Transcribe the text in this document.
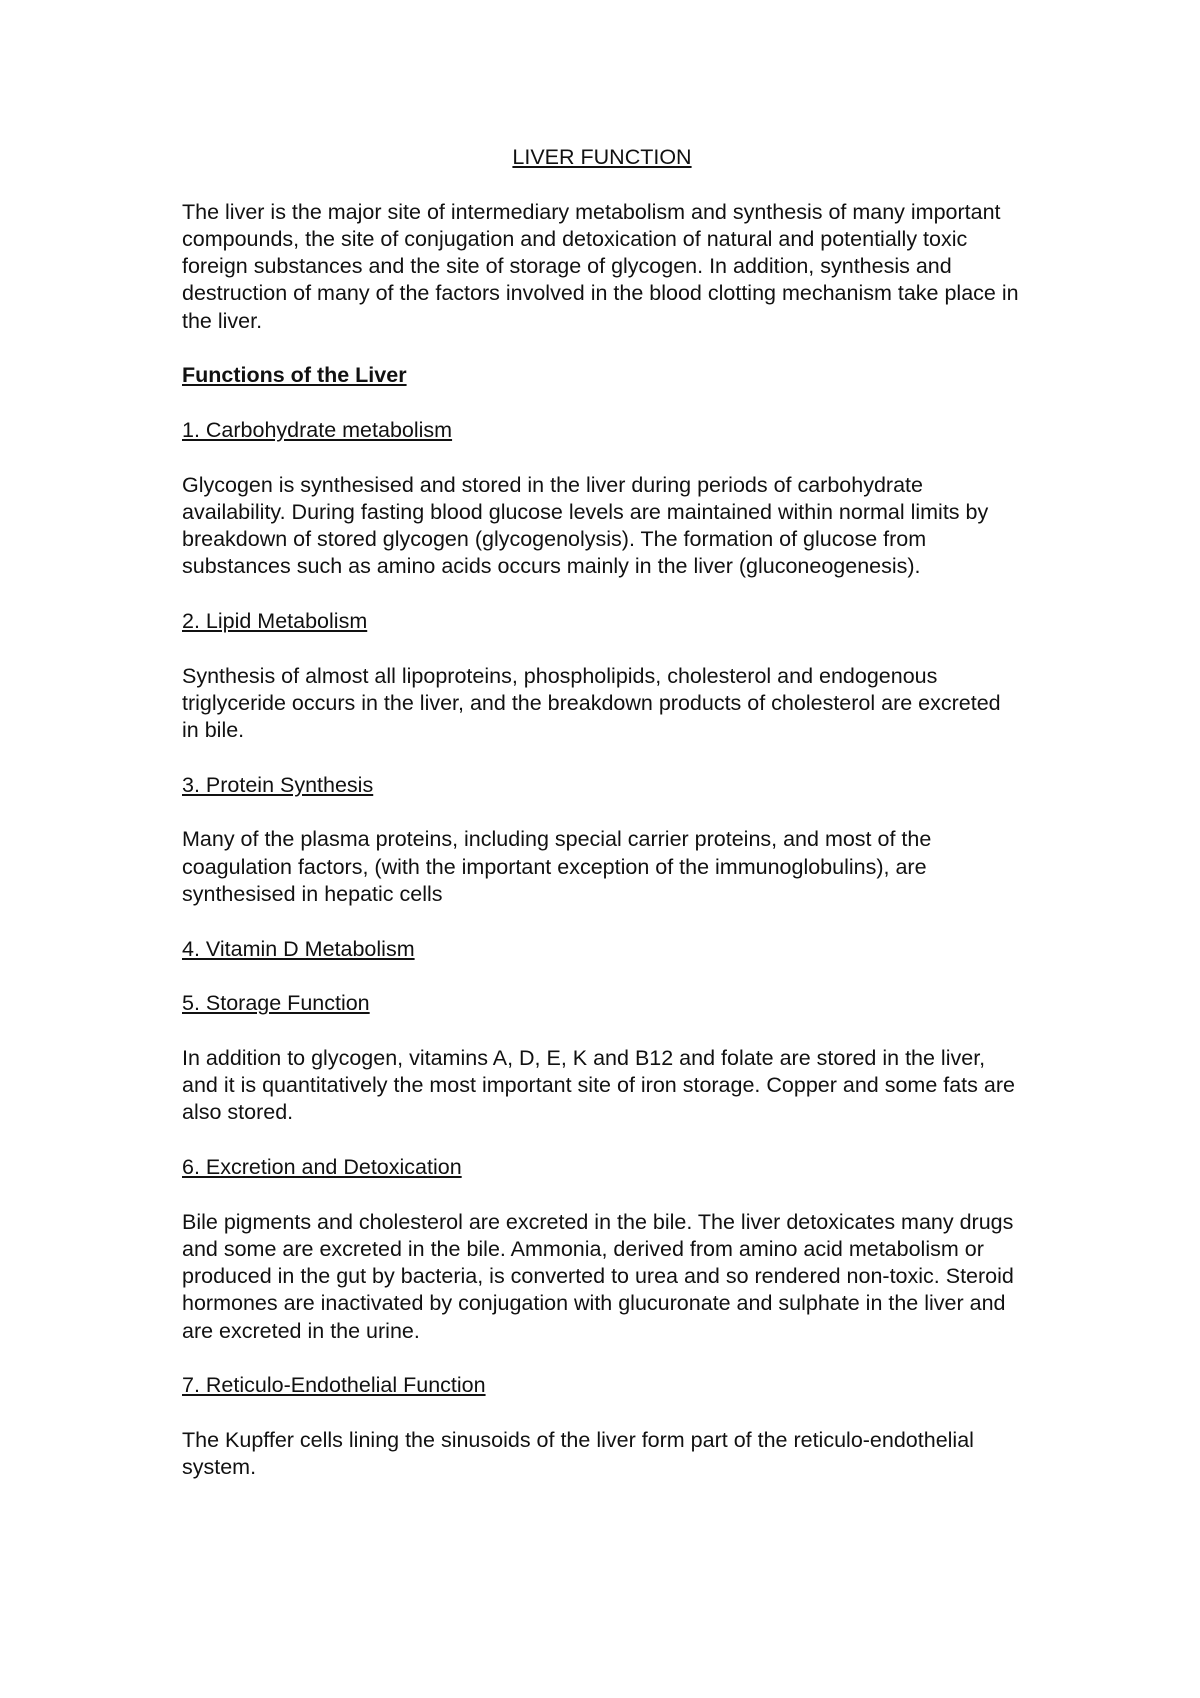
LIVER FUNCTION

The liver is the major site of intermediary metabolism and synthesis of many important compounds, the site of conjugation and detoxication of natural and potentially toxic foreign substances and the site of storage of glycogen. In addition, synthesis and destruction of many of the factors involved in the blood clotting mechanism take place in the liver.

Functions of the Liver

1. Carbohydrate metabolism

Glycogen is synthesised and stored in the liver during periods of carbohydrate availability. During fasting blood glucose levels are maintained within normal limits by breakdown of stored glycogen (glycogenolysis). The formation of glucose from substances such as amino acids occurs mainly in the liver (gluconeogenesis).

2. Lipid Metabolism

Synthesis of almost all lipoproteins, phospholipids, cholesterol and endogenous triglyceride occurs in the liver, and the breakdown products of cholesterol are excreted in bile.

3. Protein Synthesis

Many of the plasma proteins, including special carrier proteins, and most of the coagulation factors, (with the important exception of the immunoglobulins), are synthesised in hepatic cells

4. Vitamin D Metabolism

5. Storage Function

In addition to glycogen, vitamins A, D, E, K and B12 and folate are stored in the liver, and it is quantitatively the most important site of iron storage. Copper and some fats are also stored.

6. Excretion and Detoxication

Bile pigments and cholesterol are excreted in the bile. The liver detoxicates many drugs and some are excreted in the bile. Ammonia, derived from amino acid metabolism or produced in the gut by bacteria, is converted to urea and so rendered non-toxic. Steroid hormones are inactivated by conjugation with glucuronate and sulphate in the liver and are excreted in the urine.

7. Reticulo-Endothelial Function

The Kupffer cells lining the sinusoids of the liver form part of the reticulo-endothelial system.
